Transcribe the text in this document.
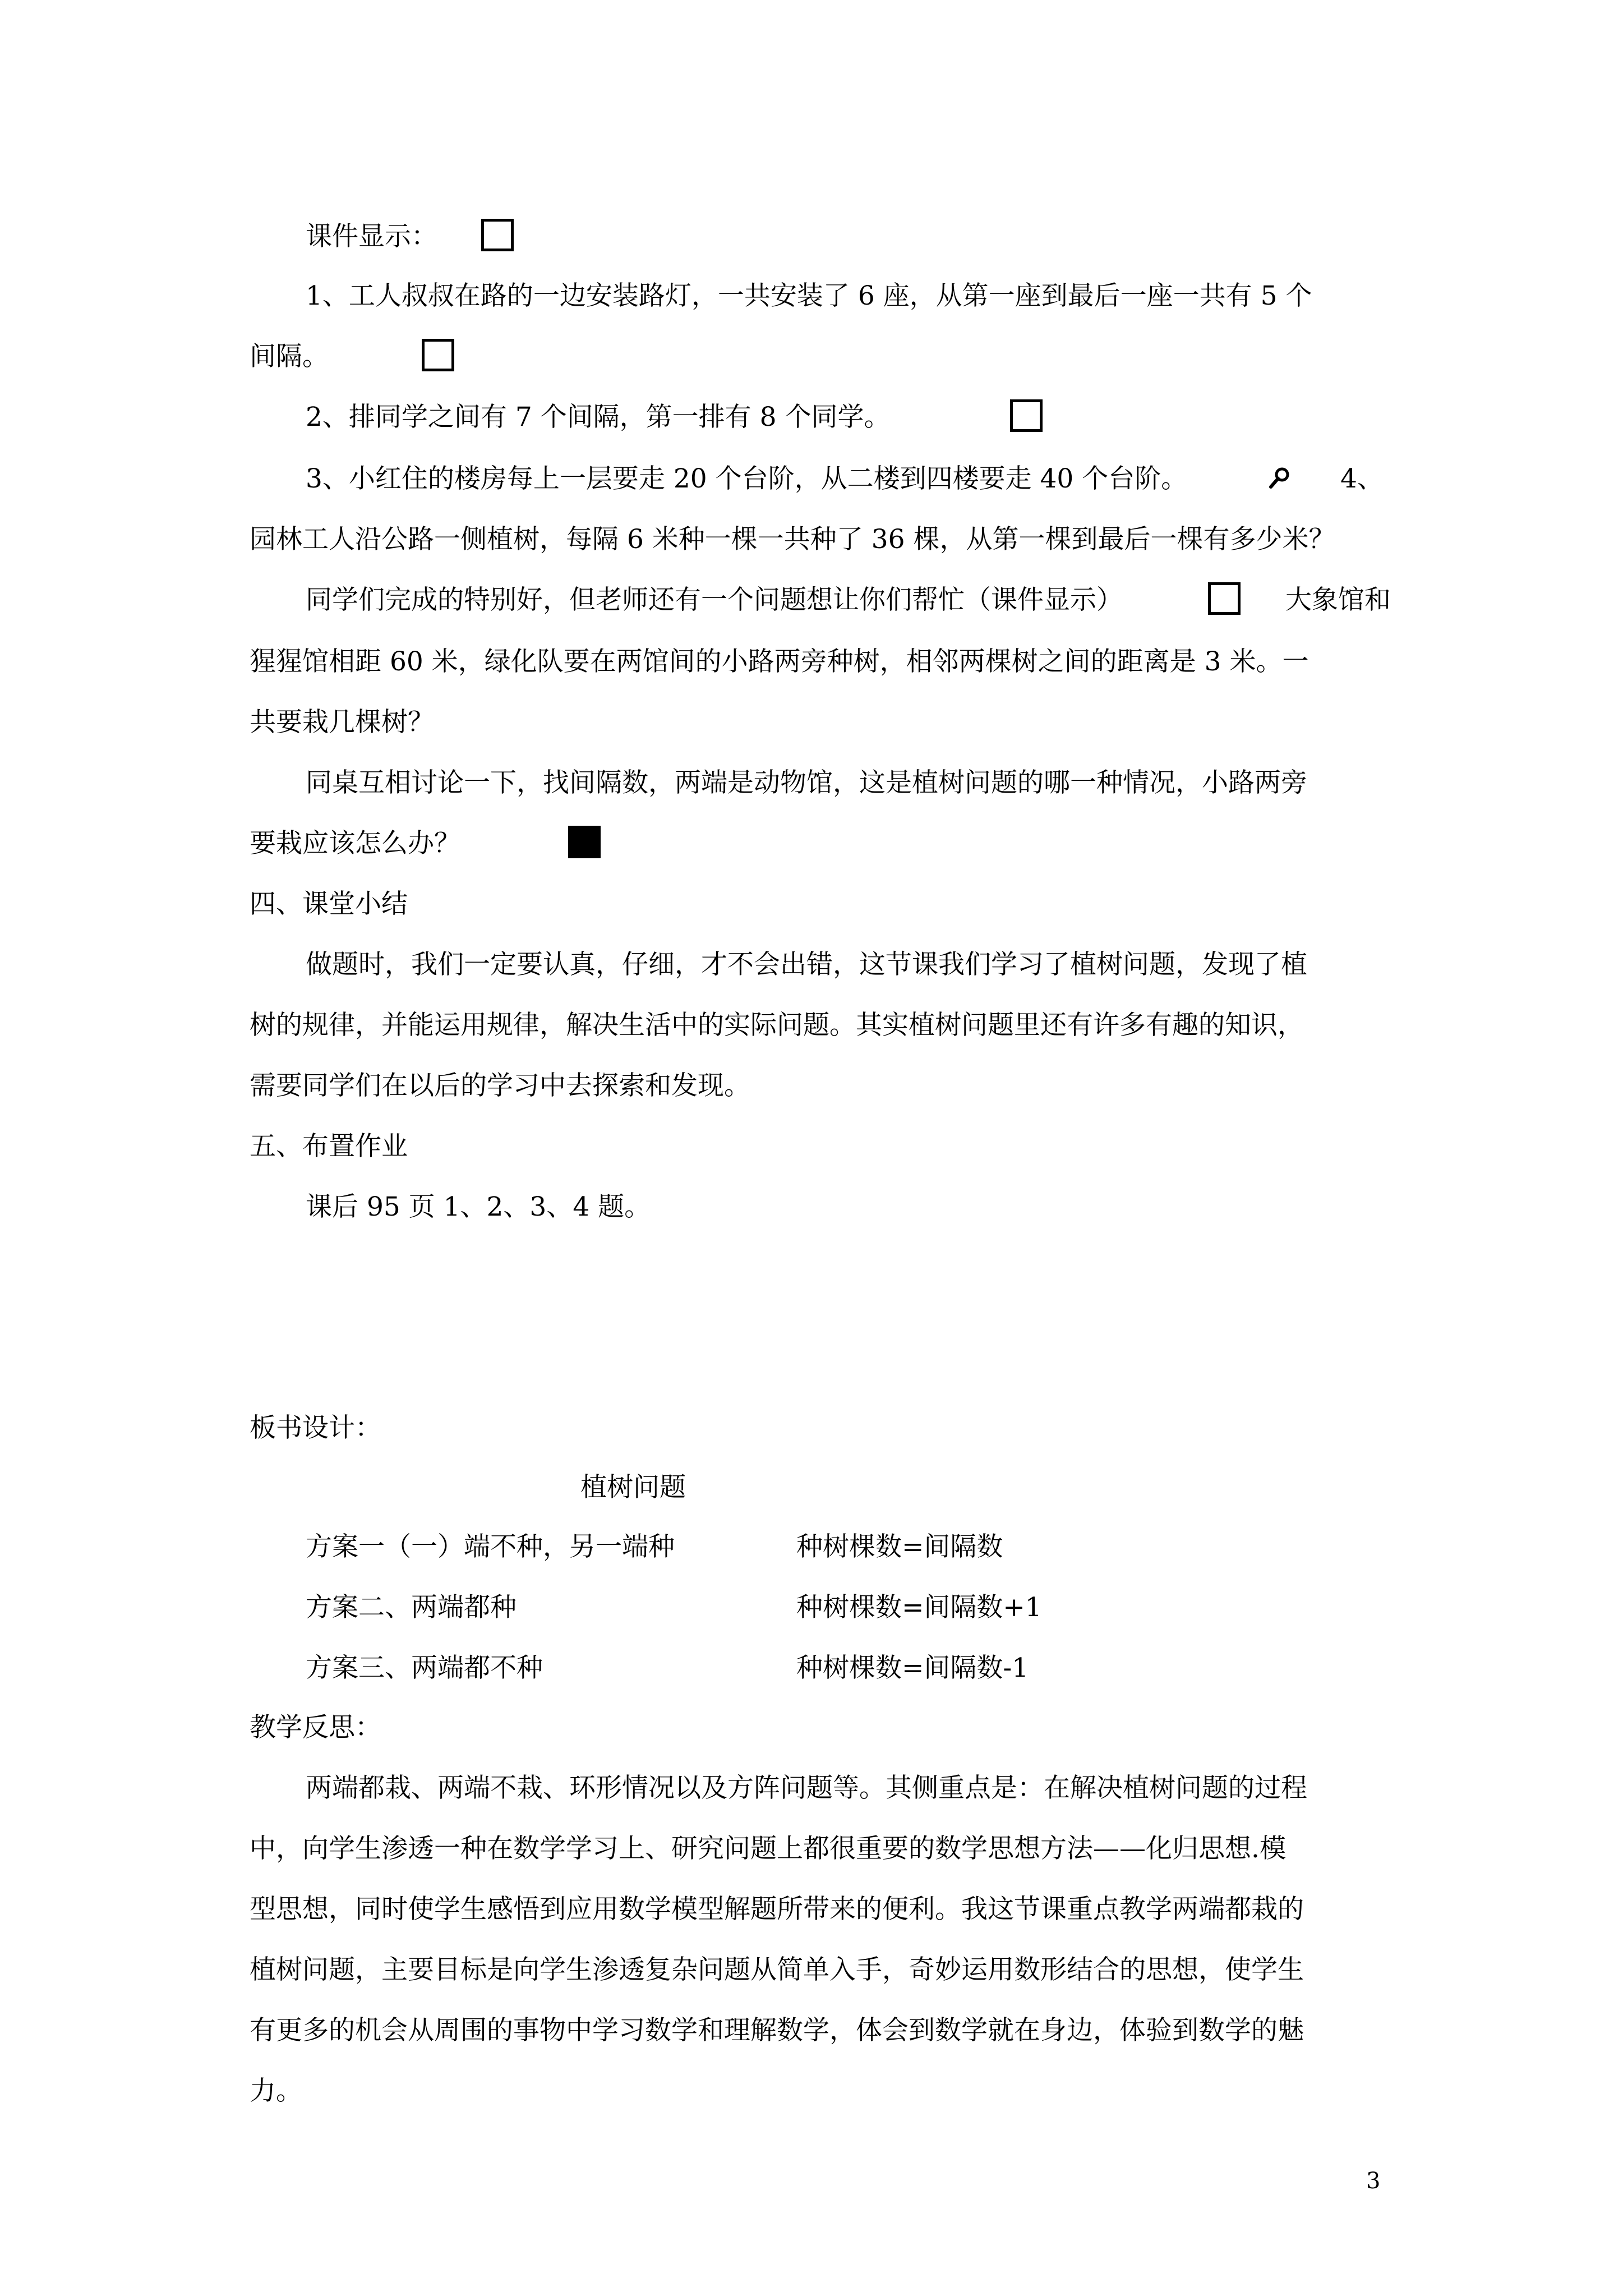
课件显示：
1、工人叔叔在路的一边安装路灯，一共安装了 6 座，从第一座到最后一座一共有 5 个
间隔。
2、排同学之间有 7 个间隔，第一排有 8 个同学。
3、小红住的楼房每上一层要走 20 个台阶，从二楼到四楼要走 40 个台阶。	4、
园林工人沿公路一侧植树，每隔 6 米种一棵一共种了 36 棵，从第一棵到最后一棵有多少米？
同学们完成的特别好，但老师还有一个问题想让你们帮忙（课件显示）	大象馆和
猩猩馆相距 60 米，绿化队要在两馆间的小路两旁种树，相邻两棵树之间的距离是 3 米。一
共要栽几棵树？
同桌互相讨论一下，找间隔数，两端是动物馆，这是植树问题的哪一种情况，小路两旁
要栽应该怎么办？
四、课堂小结
做题时，我们一定要认真，仔细，才不会出错，这节课我们学习了植树问题，发现了植
树的规律，并能运用规律，解决生活中的实际问题。其实植树问题里还有许多有趣的知识，
需要同学们在以后的学习中去探索和发现。
五、布置作业
课后 95 页 1、2、3、4 题。
板书设计：
植树问题
方案一（一）端不种，另一端种	种树棵数=间隔数
方案二、两端都种	种树棵数=间隔数+1
方案三、两端都不种	种树棵数=间隔数-1
教学反思：
两端都栽、两端不栽、环形情况以及方阵问题等。其侧重点是：在解决植树问题的过程
中，向学生渗透一种在数学学习上、研究问题上都很重要的数学思想方法——化归思想.模
型思想，同时使学生感悟到应用数学模型解题所带来的便利。我这节课重点教学两端都栽的
植树问题，主要目标是向学生渗透复杂问题从简单入手，奇妙运用数形结合的思想，使学生
有更多的机会从周围的事物中学习数学和理解数学，体会到数学就在身边，体验到数学的魅
力。
3
